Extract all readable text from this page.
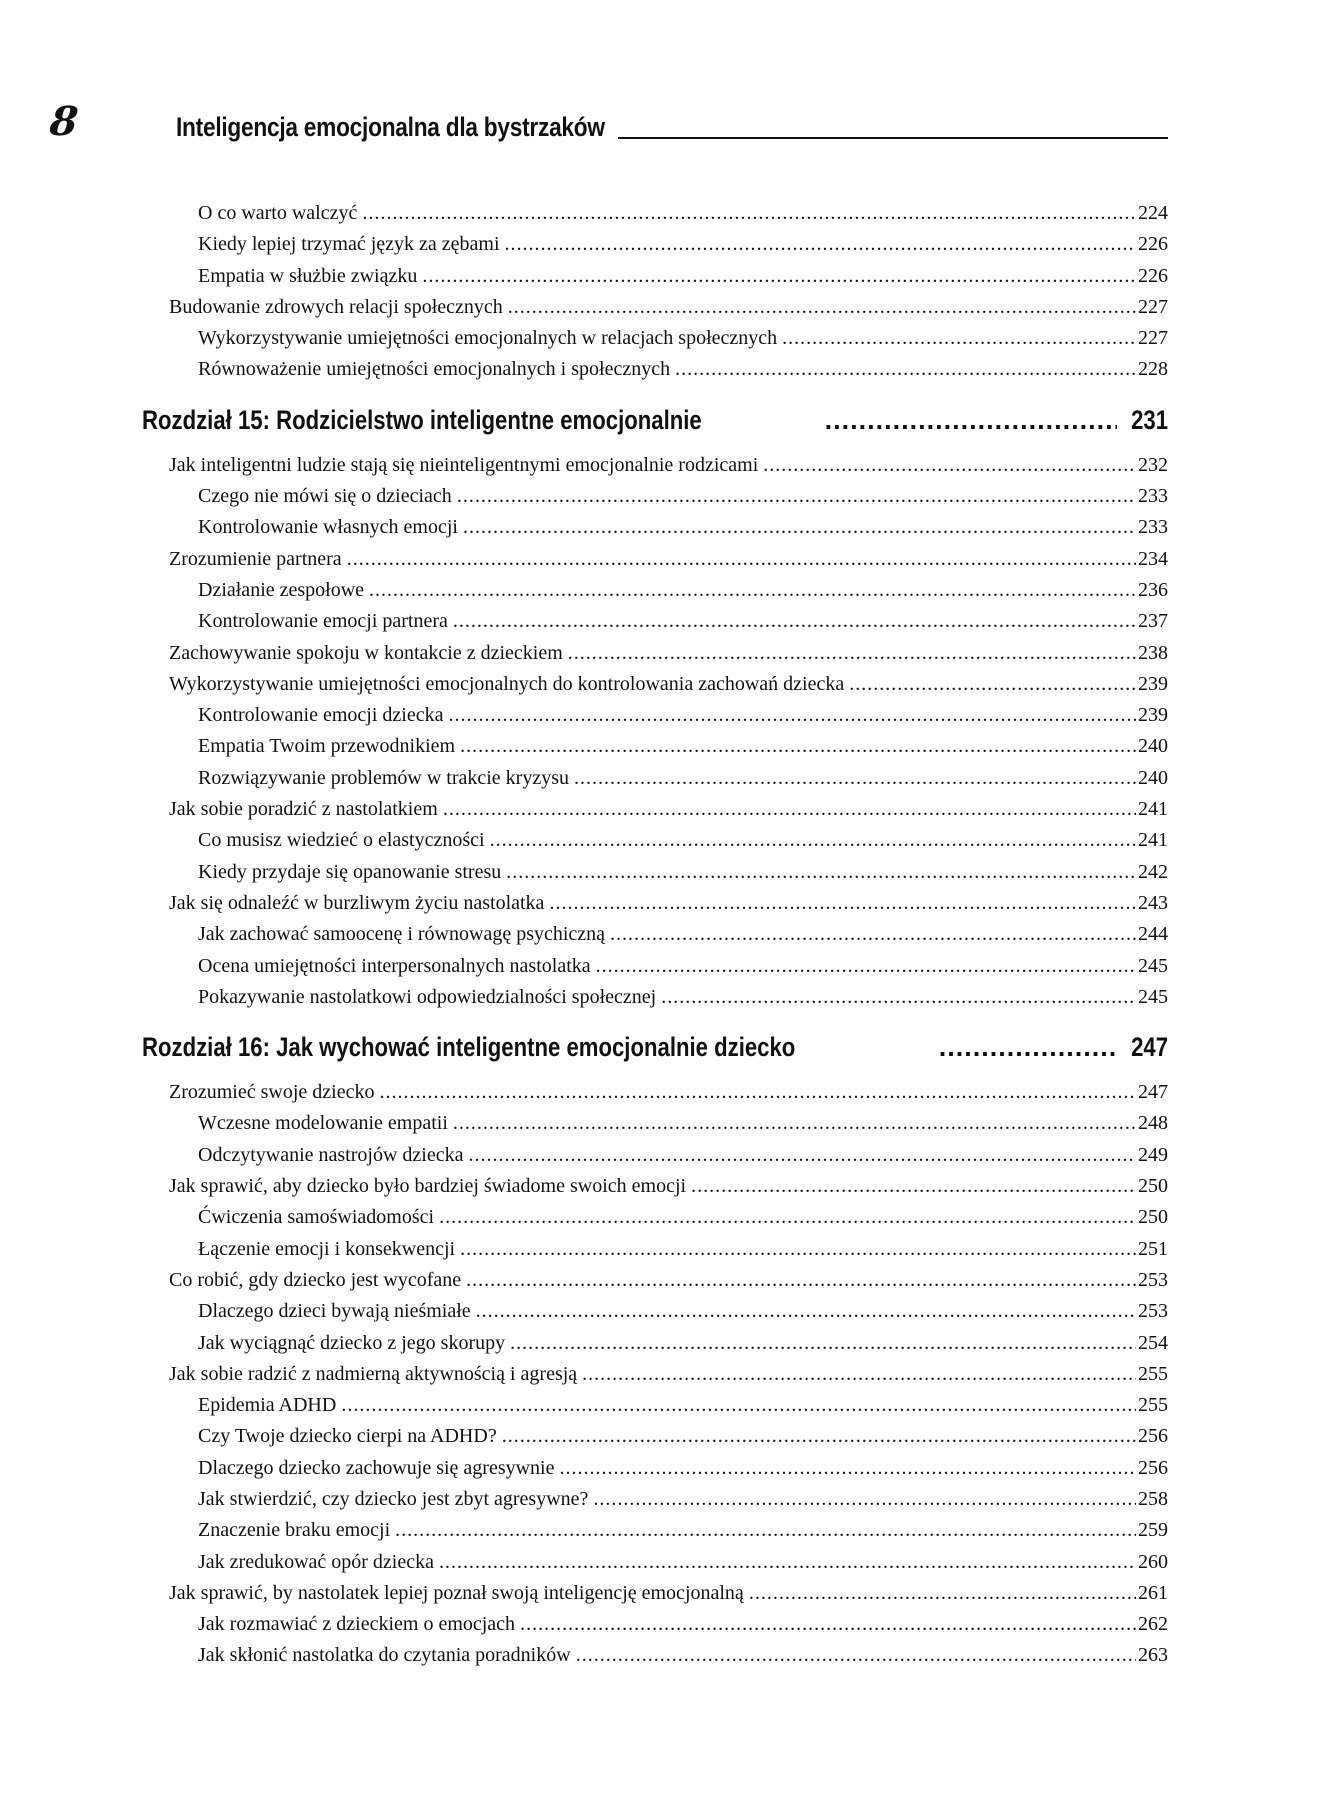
8	Inteligencja emocjonalna dla bystrzaków
O co warto walczyć .....	224
Kiedy lepiej trzymać język za zębami .....	226
Empatia w służbie związku .....	226
Budowanie zdrowych relacji społecznych .....	227
Wykorzystywanie umiejętności emocjonalnych w relacjach społecznych .....	227
Równoważenie umiejętności emocjonalnych i społecznych .....	228
Rozdział 15: Rodzicielstwo inteligentne emocjonalnie .....	231
Jak inteligentni ludzie stają się nieinteligentnymi emocjonalnie rodzicami .....	232
Czego nie mówi się o dzieciach .....	233
Kontrolowanie własnych emocji .....	233
Zrozumienie partnera .....	234
Działanie zespołowe .....	236
Kontrolowanie emocji partnera .....	237
Zachowywanie spokoju w kontakcie z dzieckiem .....	238
Wykorzystywanie umiejętności emocjonalnych do kontrolowania zachowań dziecka .....	239
Kontrolowanie emocji dziecka .....	239
Empatia Twoim przewodnikiem .....	240
Rozwiązywanie problemów w trakcie kryzysu .....	240
Jak sobie poradzić z nastolatkiem .....	241
Co musisz wiedzieć o elastyczności .....	241
Kiedy przydaje się opanowanie stresu .....	242
Jak się odnaleźć w burzliwym życiu nastolatka .....	243
Jak zachować samoocenę i równowagę psychiczną .....	244
Ocena umiejętności interpersonalnych nastolatka .....	245
Pokazywanie nastolatkowi odpowiedzialności społecznej .....	245
Rozdział 16: Jak wychować inteligentne emocjonalnie dziecko .....	247
Zrozumieć swoje dziecko .....	247
Wczesne modelowanie empatii .....	248
Odczytywanie nastrojów dziecka .....	249
Jak sprawić, aby dziecko było bardziej świadome swoich emocji .....	250
Ćwiczenia samoświadomości .....	250
Łączenie emocji i konsekwencji .....	251
Co robić, gdy dziecko jest wycofane .....	253
Dlaczego dzieci bywają nieśmiałe .....	253
Jak wyciągnąć dziecko z jego skorupy .....	254
Jak sobie radzić z nadmierną aktywnością i agresją .....	255
Epidemia ADHD .....	255
Czy Twoje dziecko cierpi na ADHD? .....	256
Dlaczego dziecko zachowuje się agresywnie .....	256
Jak stwierdzić, czy dziecko jest zbyt agresywne? .....	258
Znaczenie braku emocji .....	259
Jak zredukować opór dziecka .....	260
Jak sprawić, by nastolatek lepiej poznał swoją inteligencję emocjonalną .....	261
Jak rozmawiać z dzieckiem o emocjach .....	262
Jak skłonić nastolatka do czytania poradników .....	263
